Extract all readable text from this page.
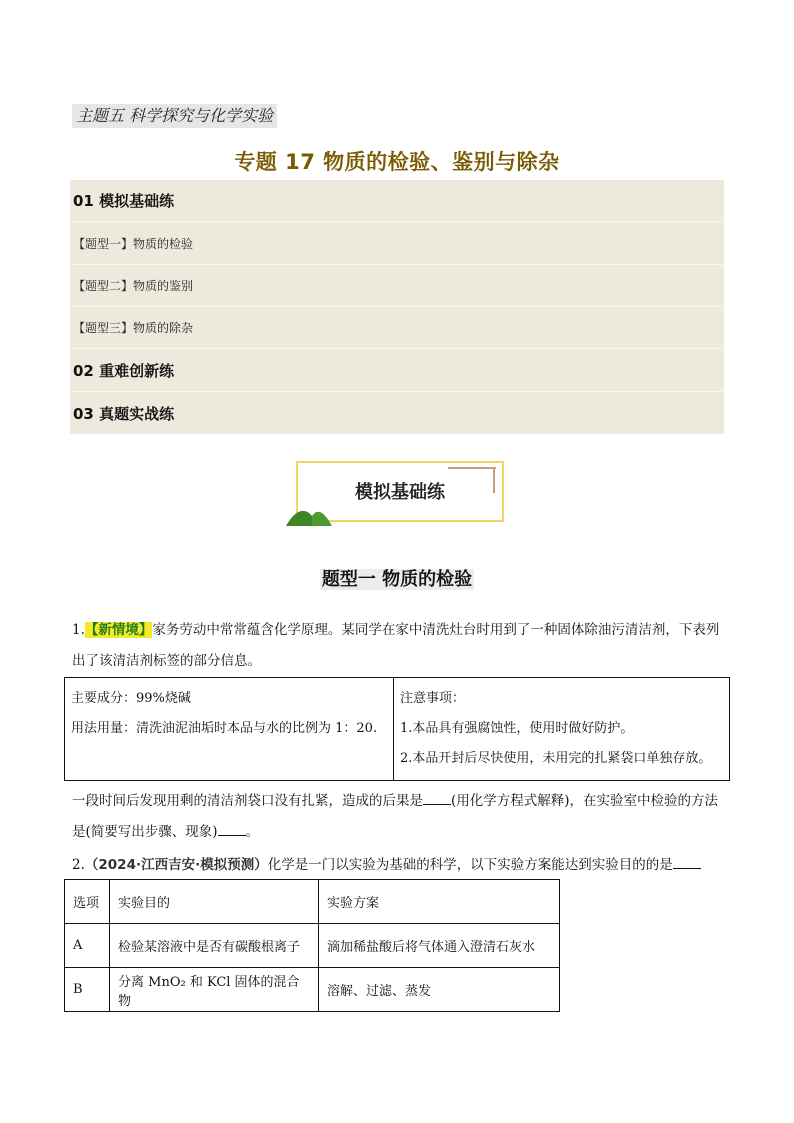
主题五 科学探究与化学实验
专题 17 物质的检验、鉴别与除杂
01 模拟基础练
【题型一】物质的检验
【题型二】物质的鉴别
【题型三】物质的除杂
02 重难创新练
03 真题实战练
模拟基础练
题型一 物质的检验
1.【新情境】家务劳动中常常蕴含化学原理。某同学在家中清洗灶台时用到了一种固体除油污清洁剂，下表列出了该清洁剂标签的部分信息。
主要成分：99%烧碱
用法用量：清洗油泥油垢时本品与水的比例为 1：20.

注意事项：
1.本品具有强腐蚀性，使用时做好防护。
2.本品开封后尽快使用，未用完的扎紧袋口单独存放。
一段时间后发现用剩的清洁剂袋口没有扎紧，造成的后果是 (用化学方程式解释)，在实验室中检验的方法是(简要写出步骤、现象) 。
2.（2024·江西吉安·模拟预测）化学是一门以实验为基础的科学，以下实验方案能达到实验目的的是
选项	实验目的	实验方案
A	检验某溶液中是否有碳酸根离子	滴加稀盐酸后将气体通入澄清石灰水
B	分离 MnO₂ 和 KCl 固体的混合物	溶解、过滤、蒸发
